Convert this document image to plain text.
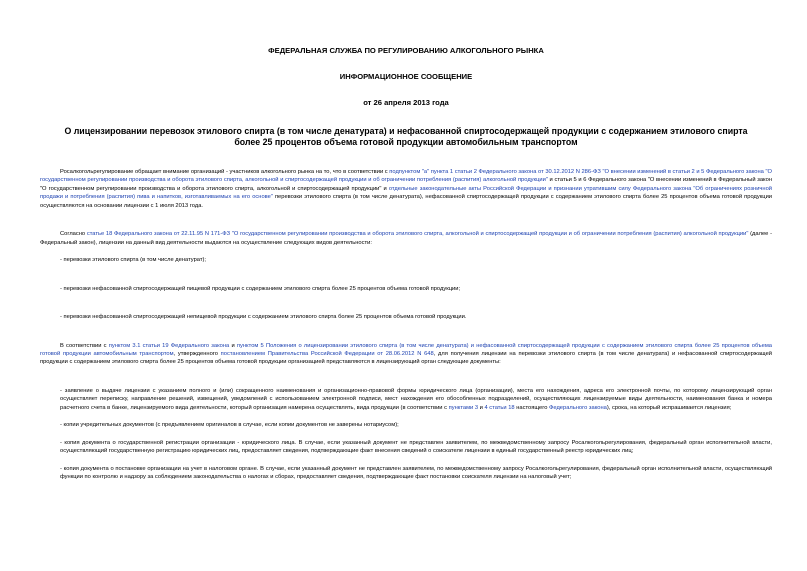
ФЕДЕРАЛЬНАЯ СЛУЖБА ПО РЕГУЛИРОВАНИЮ АЛКОГОЛЬНОГО РЫНКА
ИНФОРМАЦИОННОЕ СООБЩЕНИЕ
от 26 апреля 2013 года
О лицензировании перевозок этилового спирта (в том числе денатурата) и нефасованной спиртосодержащей продукции с содержанием этилового спирта более 25 процентов объема готовой продукции автомобильным транспортом

Росалкогольрегулирование обращает внимание организаций - участников алкогольного рынка на то, что в соответствии с подпунктом "а" пункта 1 статьи 2 Федерального закона от 30.12.2012 N 286-ФЗ "О внесении изменений в статьи 2 и 5 Федерального закона "О государственном регулировании производства и оборота этилового спирта, алкогольной и спиртосодержащей продукции и об ограничении потребления (распития) алкогольной продукции" и статьи 5 и 6 Федерального закона "О внесении изменений в Федеральный закон "О государственном регулировании производства и оборота этилового спирта, алкогольной и спиртосодержащей продукции" и отдельные законодательные акты Российской Федерации и признании утратившим силу Федерального закона "Об ограничениях розничной продажи и потребления (распития) пива и напитков, изготавливаемых на его основе" перевозки этилового спирта (в том числе денатурата), нефасованной спиртосодержащей продукции с содержанием этилового спирта более 25 процентов объема готовой продукции осуществляются на основании лицензии с 1 июля 2013 года.

Согласно статье 18 Федерального закона от 22.11.95 N 171-ФЗ "О государственном регулировании производства и оборота этилового спирта, алкогольной и спиртосодержащей продукции и об ограничении потребления (распития) алкогольной продукции" (далее - Федеральный закон), лицензии на данный вид деятельности выдаются на осуществление следующих видов деятельности:

- перевозки этилового спирта (в том числе денатурат);

- перевозки нефасованной спиртосодержащей пищевой продукции с содержанием этилового спирта более 25 процентов объема готовой продукции;

- перевозки нефасованной спиртосодержащей непищевой продукции с содержанием этилового спирта более 25 процентов объема готовой продукции.

В соответствии с пунктом 3.1 статьи 19 Федерального закона и пунктом 5 Положения о лицензировании этилового спирта (в том числе денатурата) и нефасованной спиртосодержащей продукции с содержанием этилового спирта более 25 процентов объема готовой продукции автомобильным транспортом, утвержденного постановлением Правительства Российской Федерации от 28.06.2012 N 648, для получения лицензии на перевозки этилового спирта (в том числе денатурата) и нефасованной спиртосодержащей продукции с содержанием этилового спирта более 25 процентов объема готовой продукции организацией представляются в лицензирующий орган следующие документы:

- заявление о выдаче лицензии с указанием полного и (или) сокращенного наименования и организационно-правовой формы юридического лица (организации), места его нахождения, адреса его электронной почты, по которому лицензирующий орган осуществляет переписку, направление решений, извещений, уведомлений с использованием электронной подписи, мест нахождения его обособленных подразделений, осуществляющих лицензируемые виды деятельности, наименования банка и номера расчетного счета в банке, лицензируемого вида деятельности, который организация намерена осуществлять, вида продукции (в соответствии с пунктами 3 и 4 статьи 18 настоящего Федерального закона), срока, на который испрашивается лицензия;

- копии учредительных документов (с предъявлением оригиналов в случае, если копии документов не заверены нотариусом);

- копия документа о государственной регистрации организации - юридического лица. В случае, если указанный документ не представлен заявителем, по межведомственному запросу Росалкогольрегулирования, федеральный орган исполнительной власти, осуществляющий государственную регистрацию юридических лиц, предоставляет сведения, подтверждающие факт внесения сведений о соискателе лицензии в единый государственный реестр юридических лиц;

- копия документа о постановке организации на учет в налоговом органе. В случае, если указанный документ не представлен заявителем, по межведомственному запросу Росалкогольрегулирования, федеральный орган исполнительной власти, осуществляющий функции по контролю и надзору за соблюдением законодательства о налогах и сборах, предоставляет сведения, подтверждающие факт постановки соискателя лицензии на налоговый учет;
